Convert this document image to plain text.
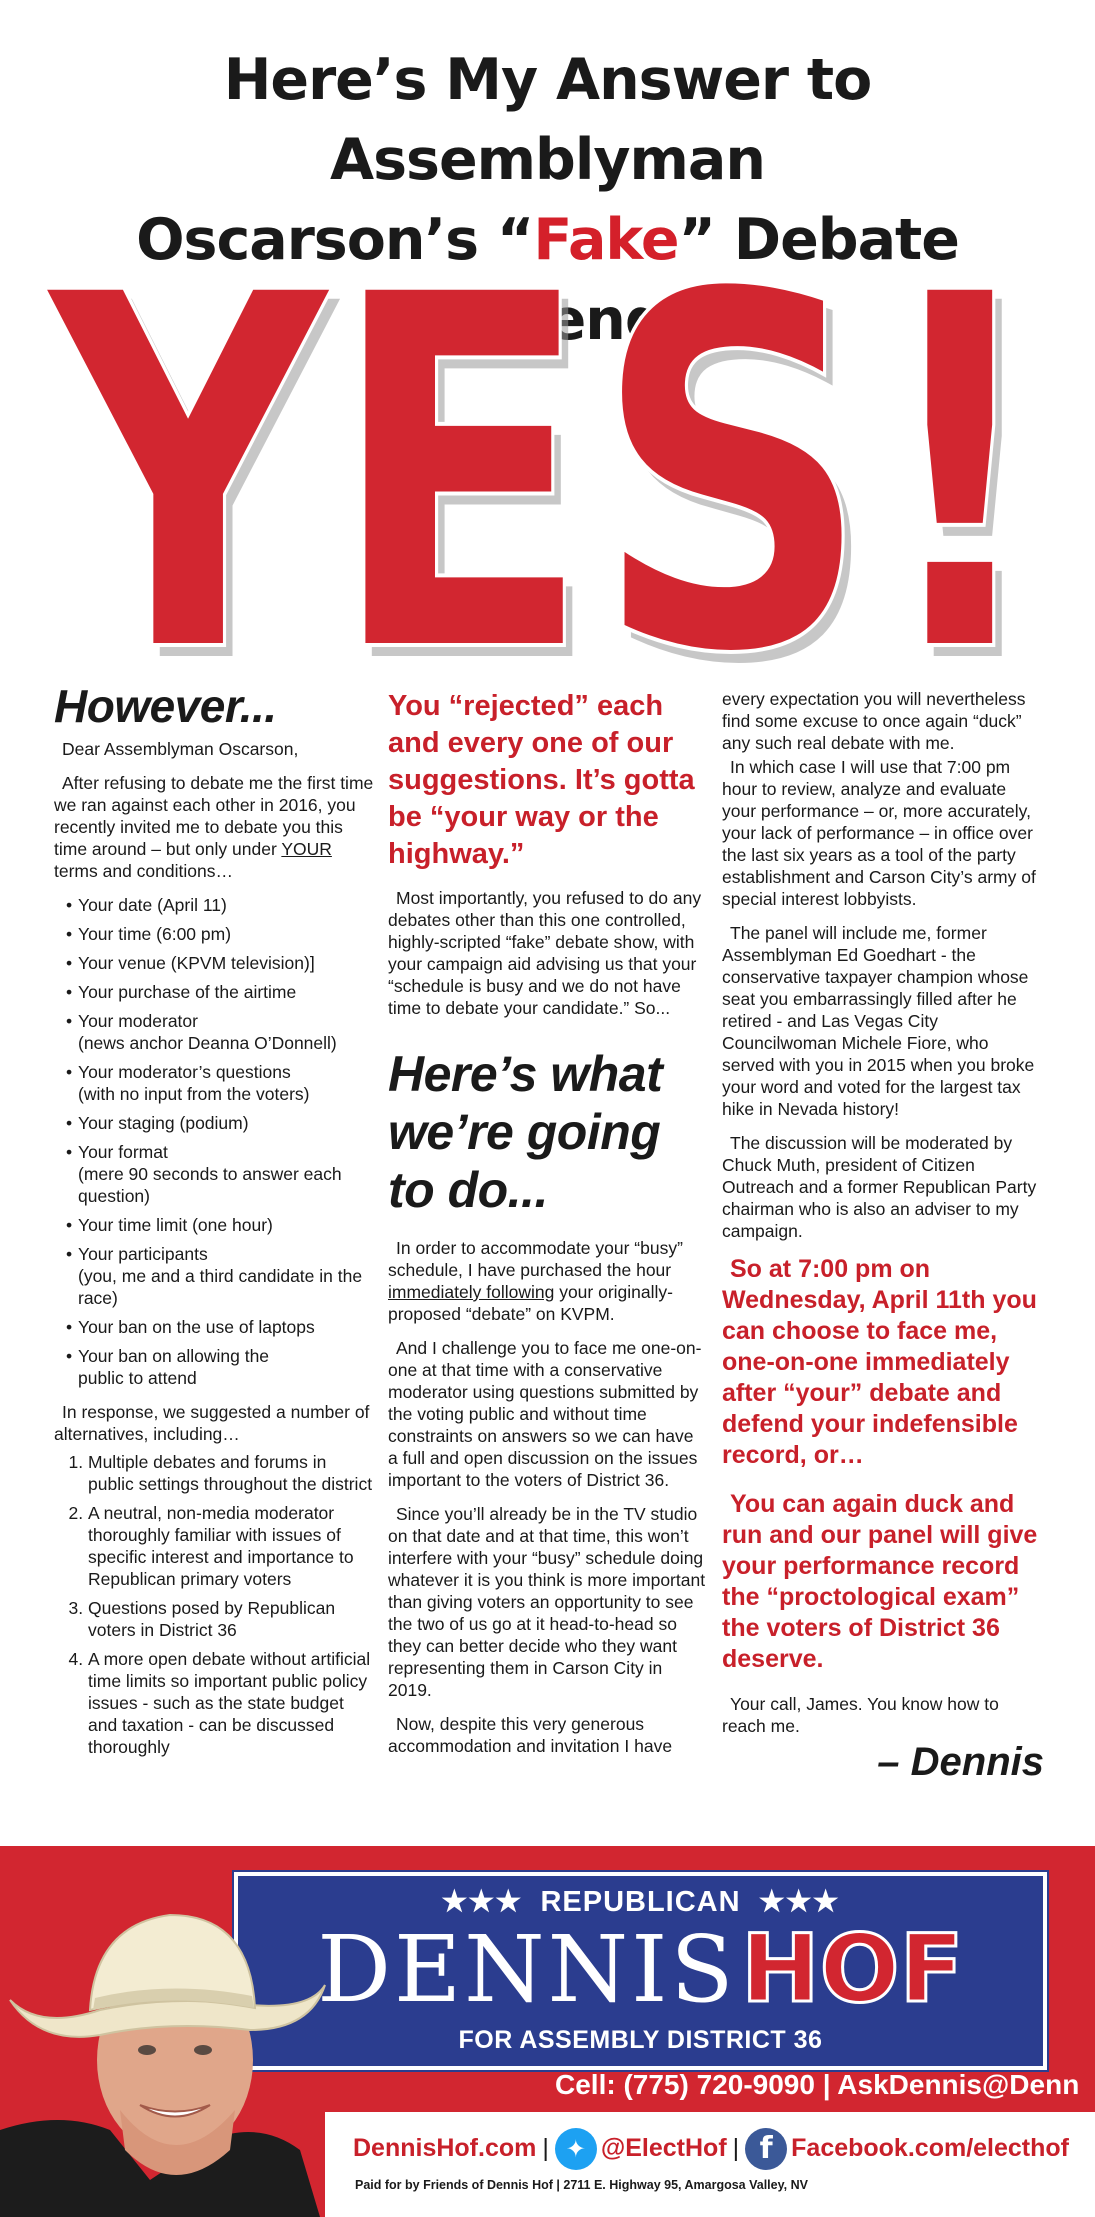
Here’s My Answer to Assemblyman
Oscarson’s “Fake” Debate Challenge
YES!
YES!
However...

Dear Assemblyman Oscarson,

After refusing to debate me the first time we ran against each other in 2016, you recently invited me to debate you this time around – but only under YOUR terms and conditions…

• Your date (April 11)
• Your time (6:00 pm)
• Your venue (KPVM television)]
• Your purchase of the airtime
• Your moderator
(news anchor Deanna O’Donnell)
• Your moderator’s questions
(with no input from the voters)
• Your staging (podium)
• Your format
(mere 90 seconds to answer each question)
• Your time limit (one hour)
• Your participants
(you, me and a third candidate in the race)
• Your ban on the use of laptops
• Your ban on allowing the
public to attend

In response, we suggested a number of alternatives, including…

1. Multiple debates and forums in public settings throughout the district
2. A neutral, non-media moderator thoroughly familiar with issues of specific interest and importance to Republican primary voters
3. Questions posed by Republican voters in District 36
4. A more open debate without artificial time limits so important public policy issues - such as the state budget and taxation - can be discussed thoroughly
You “rejected” each and every one of our suggestions. It’s gotta be “your way or the highway.”

Most importantly, you refused to do any debates other than this one controlled, highly-scripted “fake” debate show, with your campaign aid advising us that your “schedule is busy and we do not have time to debate your candidate.” So...

Here’s what we’re going to do...

In order to accommodate your “busy” schedule, I have purchased the hour immediately following your originally-proposed “debate” on KVPM.

And I challenge you to face me one-on-one at that time with a conservative moderator using questions submitted by the voting public and without time constraints on answers so we can have a full and open discussion on the issues important to the voters of District 36.

Since you’ll already be in the TV studio on that date and at that time, this won’t interfere with your “busy” schedule doing whatever it is you think is more important than giving voters an opportunity to see the two of us go at it head-to-head so they can better decide who they want representing them in Carson City in 2019.

Now, despite this very generous accommodation and invitation I have

every expectation you will nevertheless find some excuse to once again “duck” any such real debate with me.

In which case I will use that 7:00 pm hour to review, analyze and evaluate your performance – or, more accurately, your lack of performance – in office over the last six years as a tool of the party establishment and Carson City’s army of special interest lobbyists.

The panel will include me, former Assemblyman Ed Goedhart - the conservative taxpayer champion whose seat you embarrassingly filled after he retired - and Las Vegas City Councilwoman Michele Fiore, who served with you in 2015 when you broke your word and voted for the largest tax hike in Nevada history!

The discussion will be moderated by Chuck Muth, president of Citizen Outreach and a former Republican Party chairman who is also an adviser to my campaign.

So at 7:00 pm on Wednesday, April 11th you can choose to face me, one-on-one immediately after “your” debate and defend your indefensible record, or…
You can again duck and run and our panel will give your performance record the “proctological exam” the voters of District 36 deserve.

Your call, James. You know how to reach me.

– Dennis
★★★ REPUBLICAN ★★★
DENNIS HOF
FOR ASSEMBLY DISTRICT 36
Cell: (775) 720-9090 | AskDennis@Denn
DennisHof.com | ✦ @ElectHof | f Facebook.com/electhof
Paid for by Friends of Dennis Hof | 2711 E. Highway 95, Amargosa Valley, NV
